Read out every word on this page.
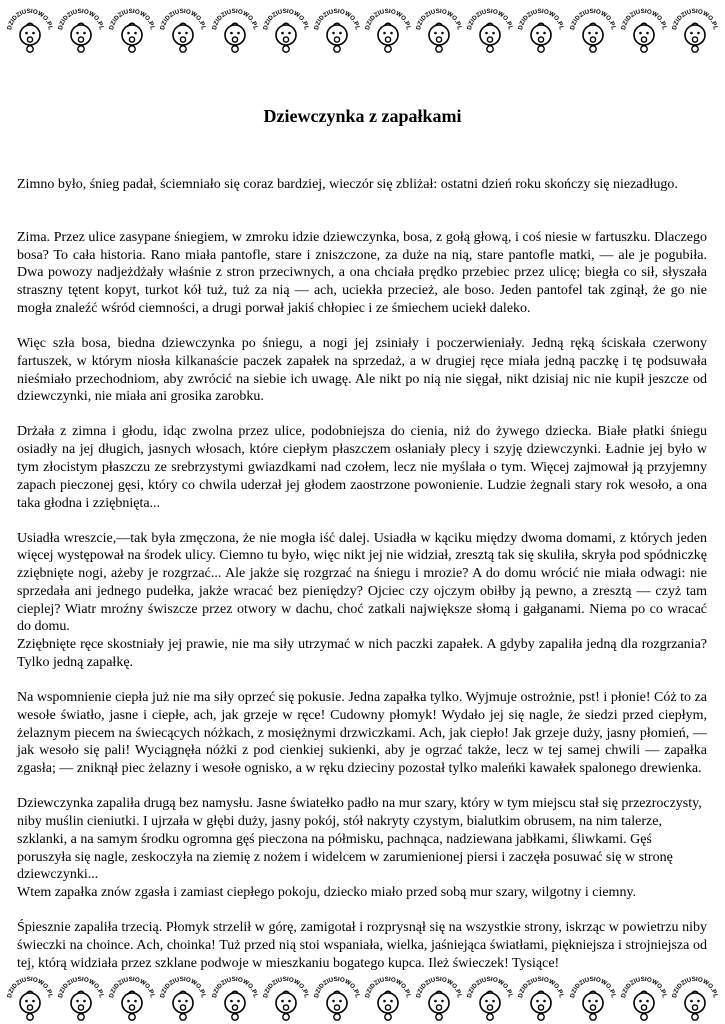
DZIDZIUSIOWO.PL DZIDZIUSIOWO.PL DZIDZIUSIOWO.PL DZIDZIUSIOWO.PL DZIDZIUSIOWO.PL DZIDZIUSIOWO.PL DZIDZIUSIOWO.PL DZIDZIUSIOWO.PL DZIDZIUSIOWO.PL DZIDZIUSIOWO.PL DZIDZIUSIOWO.PL DZIDZIUSIOWO.PL DZIDZIUSIOWO.PL DZIDZIUSIOWO.PL
Dziewczynka z zapałkami

Zimno było, śnieg padał, ściemniało się coraz bardziej, wieczór się zbliżał: ostatni dzień roku skończy się niezadługo.

Zima. Przez ulice zasypane śniegiem, w zmroku idzie dziewczynka, bosa, z gołą głową, i coś niesie w fartuszku. Dlaczego bosa? To cała historia. Rano miała pantofle, stare i zniszczone, za duże na nią, stare pantofle matki, — ale je pogubiła. Dwa powozy nadjeżdżały właśnie z stron przeciwnych, a ona chciała prędko przebiec przez ulicę; biegła co sił, słyszała straszny tętent kopyt, turkot kół tuż, tuż za nią — ach, uciekła przecież, ale boso. Jeden pantofel tak zginął, że go nie mogła znaleźć wśród ciemności, a drugi porwał jakiś chłopiec i ze śmiechem uciekł daleko.

Więc szła bosa, biedna dziewczynka po śniegu, a nogi jej zsiniały i poczerwieniały. Jedną ręką ściskała czerwony fartuszek, w którym niosła kilkanaście paczek zapałek na sprzedaż, a w drugiej ręce miała jedną paczkę i tę podsuwała nieśmiało przechodniom, aby zwrócić na siebie ich uwagę. Ale nikt po nią nie sięgał, nikt dzisiaj nic nie kupił jeszcze od dziewczynki, nie miała ani grosika zarobku.

Drżała z zimna i głodu, idąc zwolna przez ulice, podobniejsza do cienia, niż do żywego dziecka. Białe płatki śniegu osiadły na jej długich, jasnych włosach, które ciepłym płaszczem osłaniały plecy i szyję dziewczynki. Ładnie jej było w tym złocistym płaszczu ze srebrzystymi gwiazdkami nad czołem, lecz nie myślała o tym. Więcej zajmował ją przyjemny zapach pieczonej gęsi, który co chwila uderzał jej głodem zaostrzone powonienie. Ludzie żegnali stary rok wesoło, a ona taka głodna i zziębnięta...

Usiadła wreszcie,—tak była zmęczona, że nie mogła iść dalej. Usiadła w kąciku między dwoma domami, z których jeden więcej występował na środek ulicy. Ciemno tu było, więc nikt jej nie widział, zresztą tak się skuliła, skryła pod spódniczkę zziębnięte nogi, ażeby je rozgrzać... Ale jakże się rozgrzać na śniegu i mrozie? A do domu wrócić nie miała odwagi: nie sprzedała ani jednego pudełka, jakże wracać bez pieniędzy? Ojciec czy ojczym obiłby ją pewno, a zresztą — czyż tam cieplej? Wiatr mroźny świszcze przez otwory w dachu, choć zatkali największe słomą i gałganami. Niema po co wracać do domu.

Zziębnięte ręce skostniały jej prawie, nie ma siły utrzymać w nich paczki zapałek. A gdyby zapaliła jedną dla rozgrzania? Tylko jedną zapałkę.

Na wspomnienie ciepła już nie ma siły oprzeć się pokusie. Jedna zapałka tylko. Wyjmuje ostrożnie, pst! i płonie! Cóż to za wesołe światło, jasne i ciepłe, ach, jak grzeje w ręce! Cudowny płomyk! Wydało jej się nagle, że siedzi przed ciepłym, żelaznym piecem na świecących nóżkach, z mosiężnymi drzwiczkami. Ach, jak ciepło! Jak grzeje duży, jasny płomień, — jak wesoło się pali! Wyciągnęła nóżki z pod cienkiej sukienki, aby je ogrzać także, lecz w tej samej chwili — zapałka zgasła; — zniknął piec żelazny i wesołe ognisko, a w ręku dzieciny pozostał tylko maleńki kawałek spalonego drewienka.

Dziewczynka zapaliła drugą bez namysłu. Jasne światełko padło na mur szary, który w tym miejscu stał się przezroczysty, niby muślin cieniutki. I ujrzała w głębi duży, jasny pokój, stół nakryty czystym, bialutkim obrusem, na nim talerze, szklanki, a na samym środku ogromna gęś pieczona na półmisku, pachnąca, nadziewana jabłkami, śliwkami. Gęś poruszyła się nagle, zeskoczyła na ziemię z nożem i widelcem w zarumienionej piersi i zaczęła posuwać się w stronę dziewczynki...

Wtem zapałka znów zgasła i zamiast ciepłego pokoju, dziecko miało przed sobą mur szary, wilgotny i ciemny.

Śpiesznie zapaliła trzecią. Płomyk strzelił w górę, zamigotał i rozprysnął się na wszystkie strony, iskrząc w powietrzu niby świeczki na choince. Ach, choinka! Tuż przed nią stoi wspaniała, wielka, jaśniejąca światłami, piękniejsza i strojniejsza od tej, którą widziała przez szklane podwoje w mieszkaniu bogatego kupca. Ileż świeczek! Tysiące!

DZIDZIUSIOWO.PL DZIDZIUSIOWO.PL DZIDZIUSIOWO.PL DZIDZIUSIOWO.PL DZIDZIUSIOWO.PL DZIDZIUSIOWO.PL DZIDZIUSIOWO.PL DZIDZIUSIOWO.PL DZIDZIUSIOWO.PL DZIDZIUSIOWO.PL DZIDZIUSIOWO.PL DZIDZIUSIOWO.PL DZIDZIUSIOWO.PL DZIDZIUSIOWO.PL
